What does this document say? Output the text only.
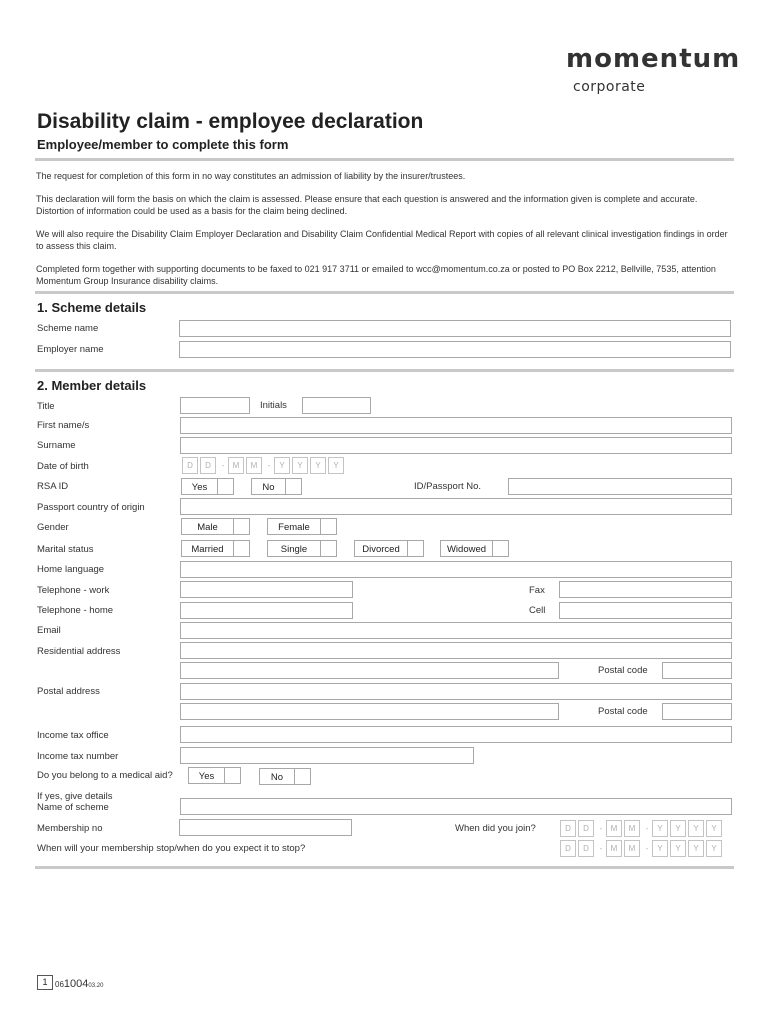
momentum
corporate
Disability claim - employee declaration
Employee/member to complete this form
The request for completion of this form in no way constitutes an admission of liability by the insurer/trustees.
This declaration will form the basis on which the claim is assessed. Please ensure that each question is answered and the information given is complete and accurate. Distortion of information could be used as a basis for the claim being declined.
We will also require the Disability Claim Employer Declaration and Disability Claim Confidential Medical Report with copies of all relevant clinical investigation findings in order to assess this claim.
Completed form together with supporting documents to be faxed to 021 917 3711 or emailed to wcc@momentum.co.za or posted to PO Box 2212, Bellville, 7535, attention Momentum Group Insurance disability claims.
1. Scheme details
Scheme name
Employer name
2. Member details
Title	Initials
First name/s
Surname
Date of birth	D	D	-	M	M	-	Y	Y	Y	Y
RSA ID	Yes	No	ID/Passport No.
Passport country of origin
Gender	Male	Female
Marital status	Married	Single	Divorced	Widowed
Home language
Telephone - work	Fax
Telephone - home	Cell
Email
Residential address
Postal code
Postal address
Postal code
Income tax office
Income tax number
Do you belong to a medical aid?	Yes	No
If yes, give details
Name of scheme
Membership no	When did you join?	D	D	-	M	M	-	Y	Y	Y	Y
When will your membership stop/when do you expect it to stop?	D	D	-	M	M	-	Y	Y	Y	Y
1 06100403.20
